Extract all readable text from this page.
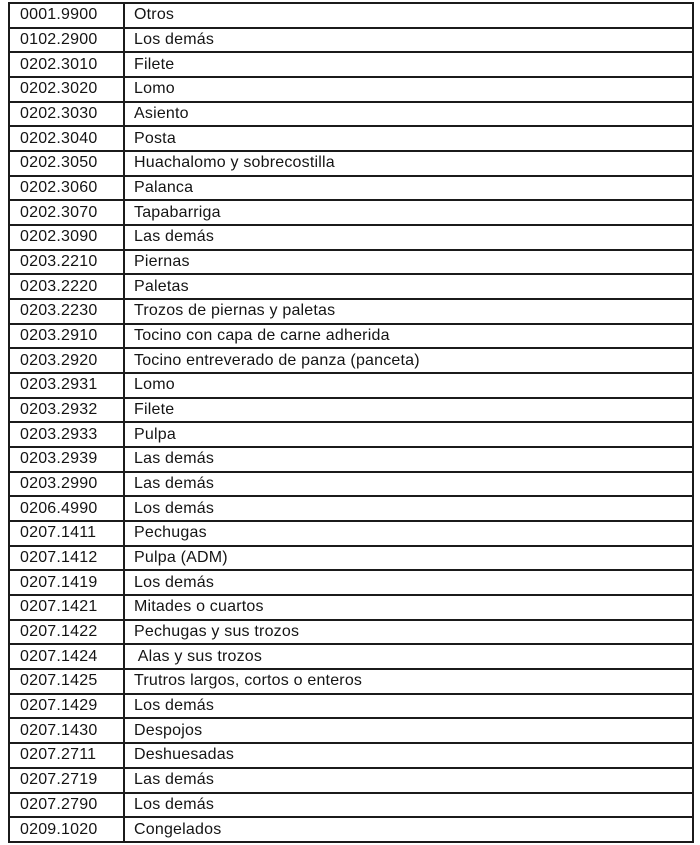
0001.9900	Otros
0102.2900	Los demás
0202.3010	Filete
0202.3020	Lomo
0202.3030	Asiento
0202.3040	Posta
0202.3050	Huachalomo y sobrecostilla
0202.3060	Palanca
0202.3070	Tapabarriga
0202.3090	Las demás
0203.2210	Piernas
0203.2220	Paletas
0203.2230	Trozos de piernas y paletas
0203.2910	Tocino con capa de carne adherida
0203.2920	Tocino entreverado de panza (panceta)
0203.2931	Lomo
0203.2932	Filete
0203.2933	Pulpa
0203.2939	Las demás
0203.2990	Las demás
0206.4990	Los demás
0207.1411	Pechugas
0207.1412	Pulpa (ADM)
0207.1419	Los demás
0207.1421	Mitades o cuartos
0207.1422	Pechugas y sus trozos
0207.1424	Alas y sus trozos
0207.1425	Trutros largos, cortos o enteros
0207.1429	Los demás
0207.1430	Despojos
0207.2711	Deshuesadas
0207.2719	Las demás
0207.2790	Los demás
0209.1020	Congelados
